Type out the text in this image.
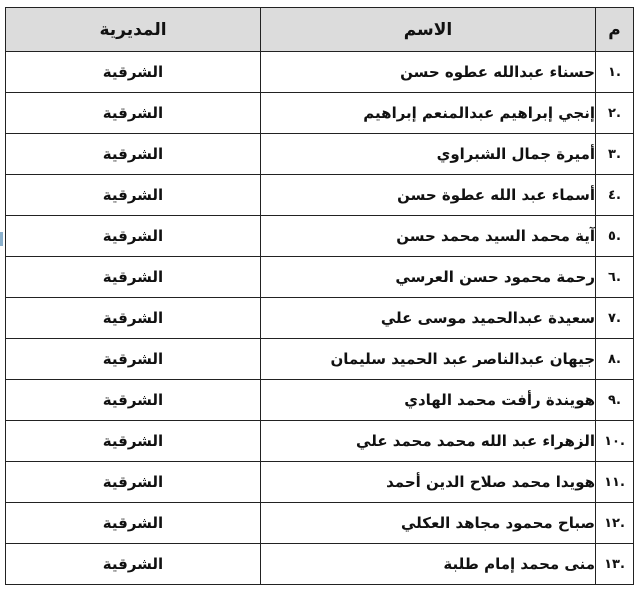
م	الاسم	المديرية
.١	حسناء عبدالله عطوه حسن	الشرقية
.٢	إنجي إبراهيم عبدالمنعم إبراهيم	الشرقية
.٣	أميرة جمال الشبراوي	الشرقية
.٤	أسماء عبد الله عطوة حسن	الشرقية
.٥	آية محمد السيد محمد حسن	الشرقية
.٦	رحمة محمود حسن العرسي	الشرقية
.٧	سعيدة عبدالحميد موسى علي	الشرقية
.٨	جيهان عبدالناصر عبد الحميد سليمان	الشرقية
.٩	هويندة رأفت محمد الهادي	الشرقية
.١٠	الزهراء عبد الله محمد محمد علي	الشرقية
.١١	هويدا محمد صلاح الدين أحمد	الشرقية
.١٢	صباح محمود مجاهد العكلي	الشرقية
.١٣	منى محمد إمام طلبة	الشرقية
